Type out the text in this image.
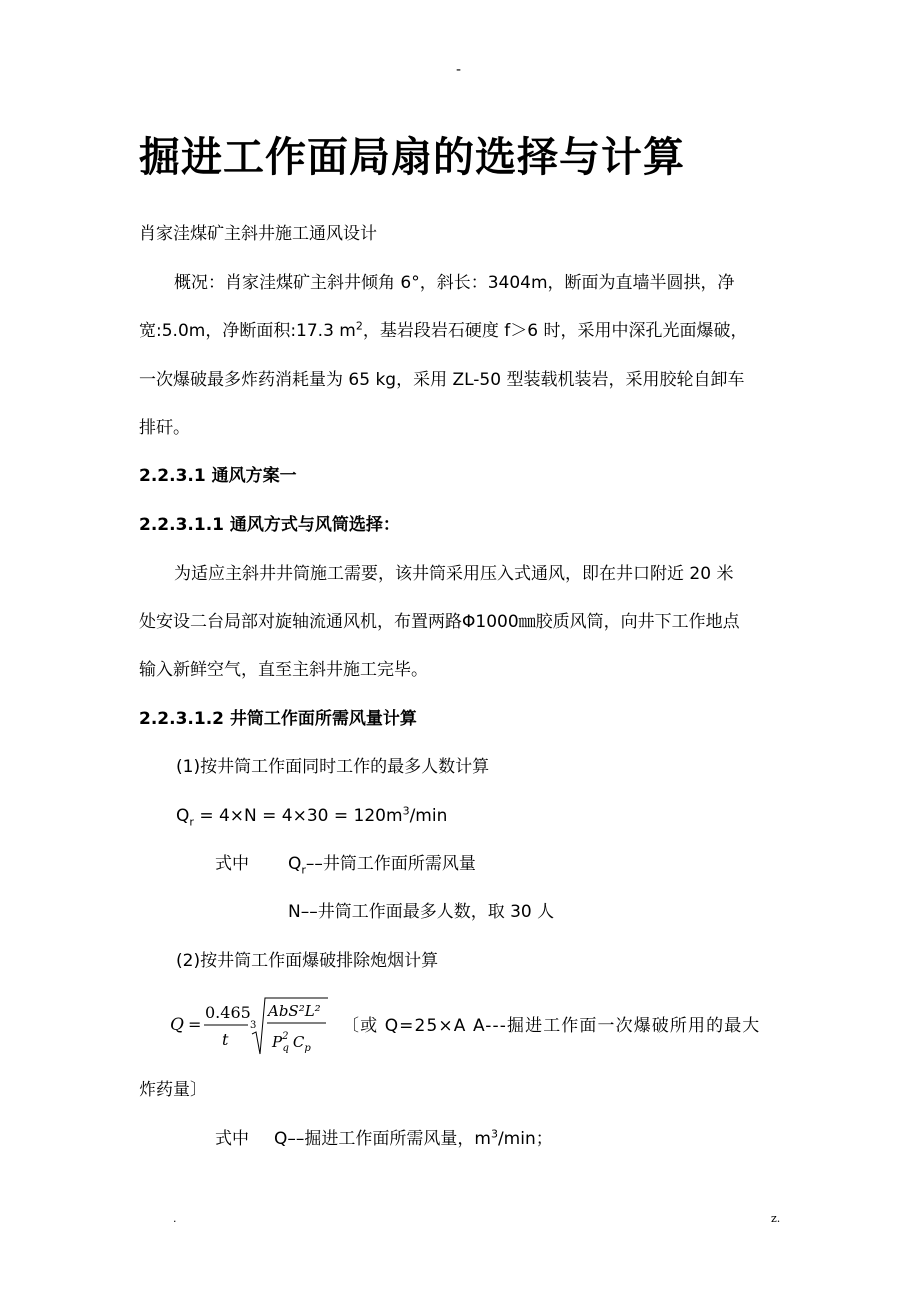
-
掘进工作面局扇的选择与计算
肖家洼煤矿主斜井施工通风设计
概况：肖家洼煤矿主斜井倾角 6°，斜长：3404m，断面为直墙半圆拱，净
宽:5.0m，净断面积:17.3 $m^2$，基岩段岩石硬度 f＞6 时，采用中深孔光面爆破，
一次爆破最多炸药消耗量为 65 kg，采用 ZL-50 型装载机装岩，采用胶轮自卸车
排矸。
2.2.3.1 通风方案一
2.2.3.1.1 通风方式与风筒选择：
为适应主斜井井筒施工需要，该井筒采用压入式通风，即在井口附近 20 米
处安设二台局部对旋轴流通风机，布置两路Φ1000㎜胶质风筒，向井下工作地点
输入新鲜空气，直至主斜井施工完毕。
2.2.3.1.2 井筒工作面所需风量计算
(1)按井筒工作面同时工作的最多人数计算
$Q_r = 4\times N = 4\times 30 = 120m^3/\min$
式中 $Q_r--$井筒工作面所需风量
N––井筒工作面最多人数，取 30 人
(2)按井筒工作面爆破排除炮烟计算
Q =
0.465
t
3
AbS²L²
$P^2$ q $C_p$
〔或 Q=25×A A---掘进工作面一次爆破所用的最大
炸药量〕
式中 Q––掘进工作面所需风量，$m^3/\min$；
.	z.
